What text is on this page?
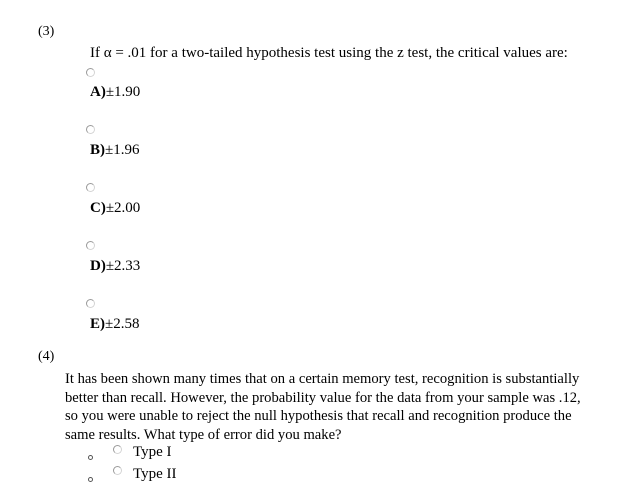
(3)
If α = .01 for a two-tailed hypothesis test using the z test, the critical values are:
A)±1.90
B)±1.96
C)±2.00
D)±2.33
E)±2.58
(4)
It has been shown many times that on a certain memory test, recognition is substantially
better than recall. However, the probability value for the data from your sample was .12,
so you were unable to reject the null hypothesis that recall and recognition produce the
same results. What type of error did you make?
Type I
Type II
